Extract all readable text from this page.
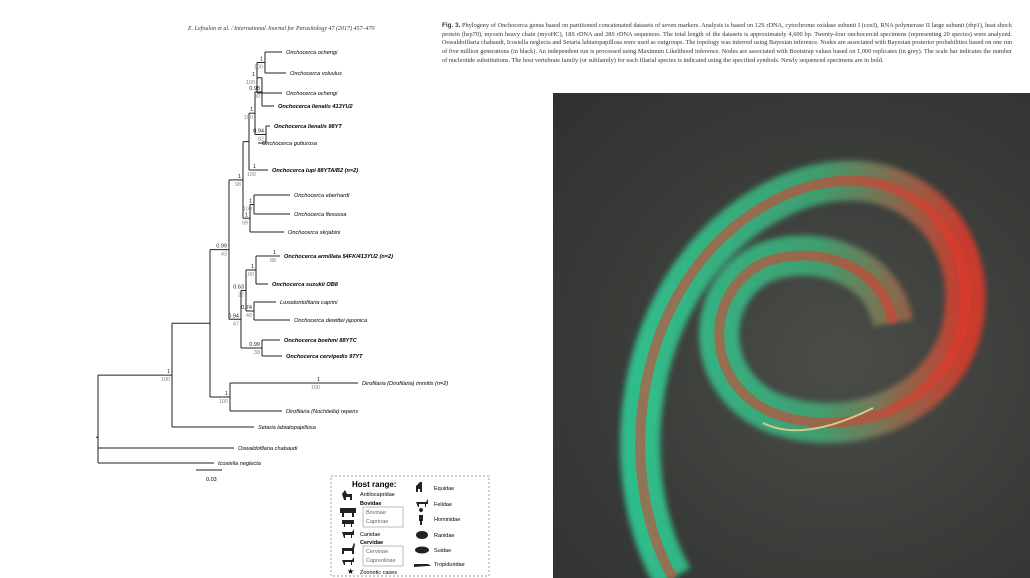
E. Lefoulon et al. / International Journal for Parasitology 47 (2017) 457–470	Fig. 3. Phylogeny of Onchocerca genus based on partitioned concatenated datasets of seven markers. Analysis is based on 12S rDNA, cytochrome oxidase subunit I (coxI), RNA polymerase II large subunit (rbp1), heat shock protein (hsp70), myosin heavy chain (myoHC), 18S rDNA and 28S rDNA sequences. The total length of the datasets is approximately 4,600 bp. Twenty-four onchocercid specimens (representing 20 species) were analyzed. Oswaldofilaria chabaudi, Icosiella neglecta and Setaria labiatopapillosa were used as outgroups. The topology was inferred using Bayesian inference. Nodes are associated with Bayesian posterior probabilities based on one run of five million generations (in black). An independent run is processed using Maximum Likelihood inference. Nodes are associated with Bootstrap values based on 1,000 replicates (in grey). The scale bar indicates the number of nucleotide substitutions. The host vertebrate family (or subfamily) for each filarial species is indicated using the specified symbols. Newly sequenced specimens are in bold.
Onchocerca ochengi
Onchocerca volvulus
Onchocerca ochengi
Onchocerca lienalis 413YU2
Onchocerca lienalis 98YT
Onchocerca gutturosa
Onchocerca lupi 88YTA/B2 (n=2)
Onchocerca eberhardi
Onchocerca flexuosa
Onchocerca skrjabini
Onchocerca armillata 54FK/413YU2 (n=2)
Onchocerca suzukii OB8
Loxodontofilaria caprini
Onchocerca dewittei japonica
Onchocerca boehmi 88YTC
Onchocerca cervipedis 97YT
Dirofilaria (Dirofilaria) immitis (n=2)
Dirofilaria (Nochtiella) repens
Setaria labiatopapillosa
Oswaldofilaria chabaudi
Icosiella neglecta
1
100
1
100
0.98
80
0.94
82
1
100
1
100
1
100
1
99
1
98
1
88
1
100
0.99
43
0.74
40
0.63
22
0.99
38
0.94
47
1
100
1
100
1
100
0.03	Host range:
Antilocapridae
Bovidae
Bovinae
Caprinae
Canidae
Cervidae
Cervinae
Capreolinae
Zoonotic cases
★
Equidae
Felidae
Hominidae
Ranidae
Suidae
Tropiduridae
